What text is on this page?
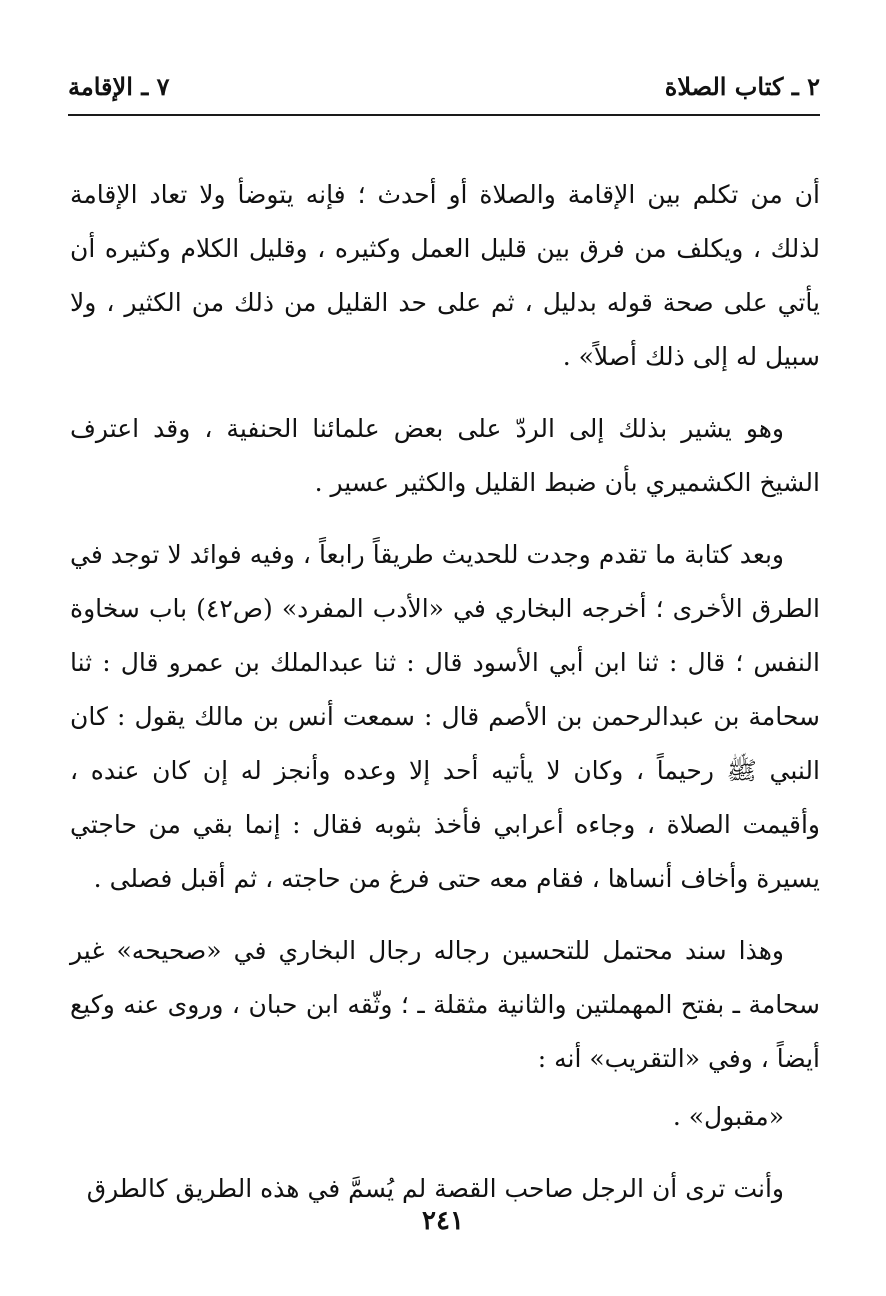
٢ ـ كتاب الصلاة
٧ ـ الإقامة

أن من تكلم بين الإقامة والصلاة أو أحدث ؛ فإنه يتوضأ ولا تعاد الإقامة لذلك ، ويكلف من فرق بين قليل العمل وكثيره ، وقليل الكلام وكثيره أن يأتي على صحة قوله بدليل ، ثم على حد القليل من ذلك من الكثير ، ولا سبيل له إلى ذلك أصلاً» .

وهو يشير بذلك إلى الردّ على بعض علمائنا الحنفية ، وقد اعترف الشيخ الكشميري بأن ضبط القليل والكثير عسير .

وبعد كتابة ما تقدم وجدت للحديث طريقاً رابعاً ، وفيه فوائد لا توجد في الطرق الأخرى ؛ أخرجه البخاري في «الأدب المفرد» (ص٤٢) باب سخاوة النفس ؛ قال : ثنا ابن أبي الأسود قال : ثنا عبدالملك بن عمرو قال : ثنا سحامة بن عبدالرحمن بن الأصم قال : سمعت أنس بن مالك يقول : كان النبي ﷺ رحيماً ، وكان لا يأتيه أحد إلا وعده وأنجز له إن كان عنده ، وأقيمت الصلاة ، وجاءه أعرابي فأخذ بثوبه فقال : إنما بقي من حاجتي يسيرة وأخاف أنساها ، فقام معه حتى فرغ من حاجته ، ثم أقبل فصلى .

وهذا سند محتمل للتحسين رجاله رجال البخاري في «صحيحه» غير سحامة ـ بفتح المهملتين والثانية مثقلة ـ ؛ وثّقه ابن حبان ، وروى عنه وكيع أيضاً ، وفي «التقريب» أنه :

«مقبول» .

وأنت ترى أن الرجل صاحب القصة لم يُسمَّ في هذه الطريق كالطرق

٢٤١
